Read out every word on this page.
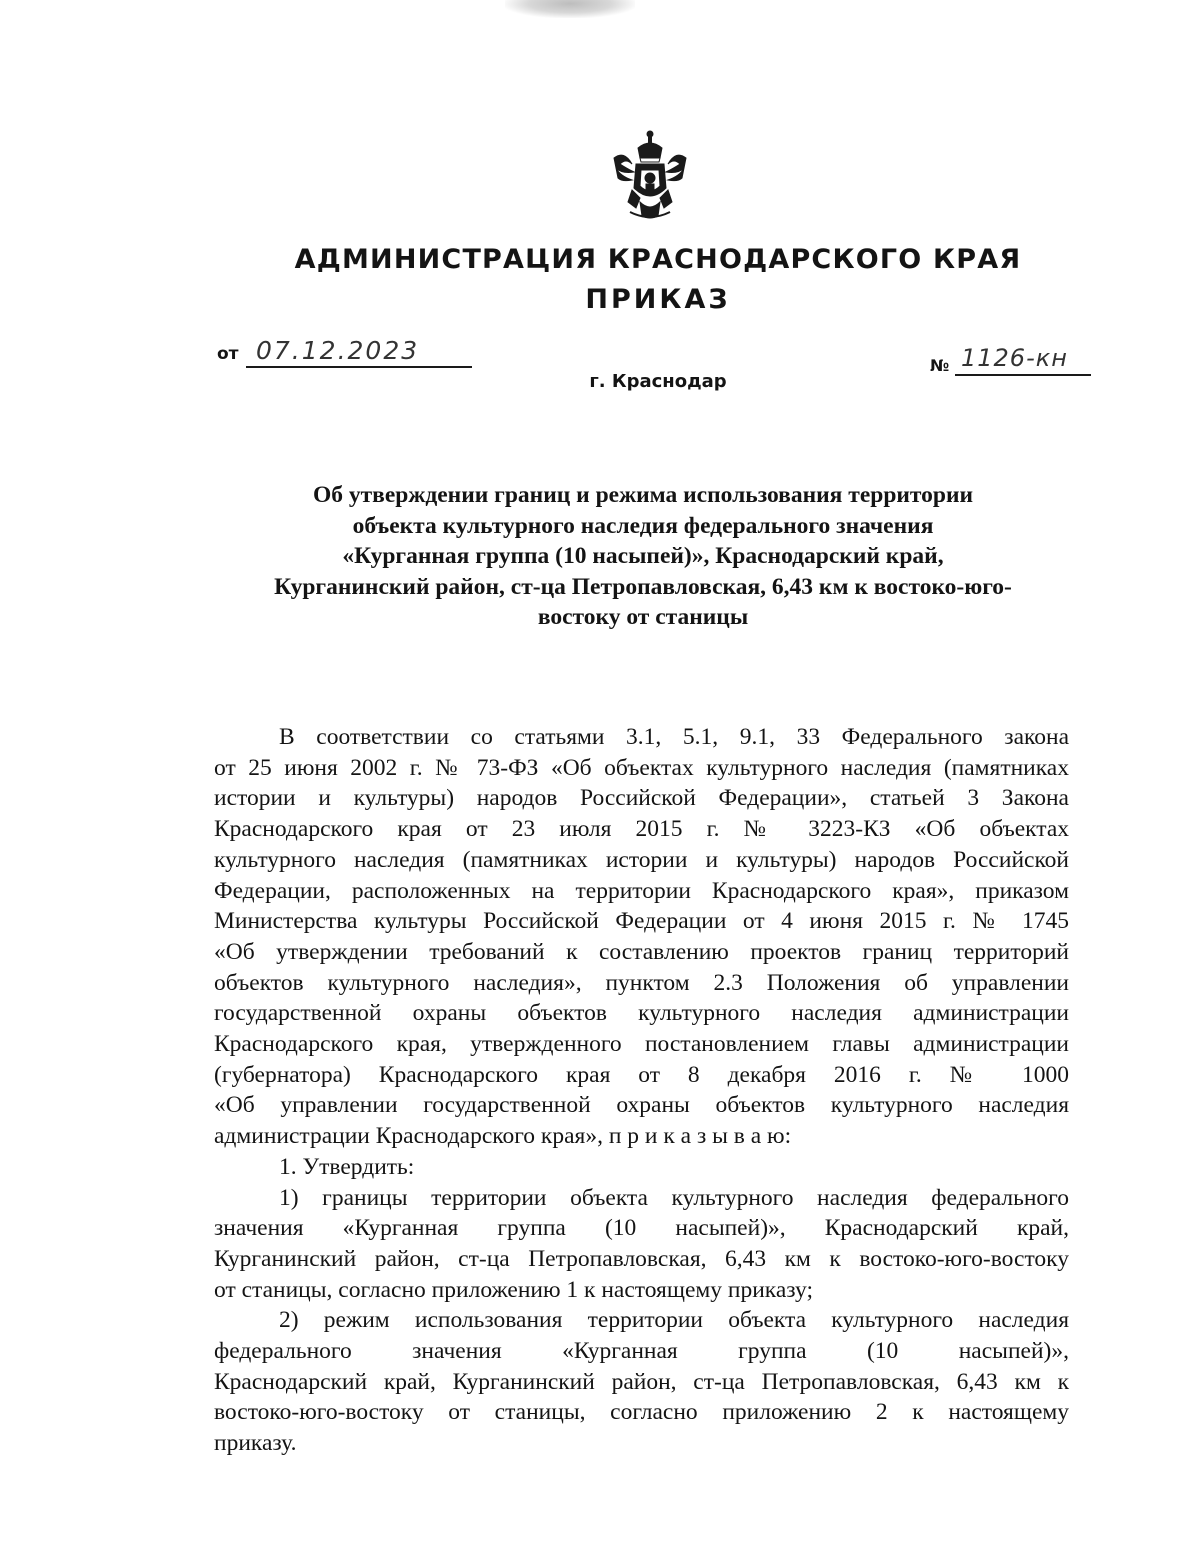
АДМИНИСТРАЦИЯ КРАСНОДАРСКОГО КРАЯ
ПРИКАЗ
от 07.12.2023
№ 1126-кн
г. Краснодар
Об утверждении границ и режима использования территории
объекта культурного наследия федерального значения
«Курганная группа (10 насыпей)», Краснодарский край,
Курганинский район, ст-ца Петропавловская, 6,43 км к востоко-юго-
востоку от станицы
В соответствии со статьями 3.1, 5.1, 9.1, 33 Федерального закона
от 25 июня 2002 г. № 73-ФЗ «Об объектах культурного наследия (памятниках
истории и культуры) народов Российской Федерации», статьей 3 Закона
Краснодарского края от 23 июля 2015 г. № 3223-КЗ «Об объектах
культурного наследия (памятниках истории и культуры) народов Российской
Федерации, расположенных на территории Краснодарского края», приказом
Министерства культуры Российской Федерации от 4 июня 2015 г. № 1745
«Об утверждении требований к составлению проектов границ территорий
объектов культурного наследия», пунктом 2.3 Положения об управлении
государственной охраны объектов культурного наследия администрации
Краснодарского края, утвержденного постановлением главы администрации
(губернатора) Краснодарского края от 8 декабря 2016 г. № 1000
«Об управлении государственной охраны объектов культурного наследия
администрации Краснодарского края», п р и к а з ы в а ю:
1. Утвердить:
1) границы территории объекта культурного наследия федерального
значения «Курганная группа (10 насыпей)», Краснодарский край,
Курганинский район, ст-ца Петропавловская, 6,43 км к востоко-юго-востоку
от станицы, согласно приложению 1 к настоящему приказу;
2) режим использования территории объекта культурного наследия
федерального значения «Курганная группа (10 насыпей)»,
Краснодарский край, Курганинский район, ст-ца Петропавловская, 6,43 км к
востоко-юго-востоку от станицы, согласно приложению 2 к настоящему
приказу.
